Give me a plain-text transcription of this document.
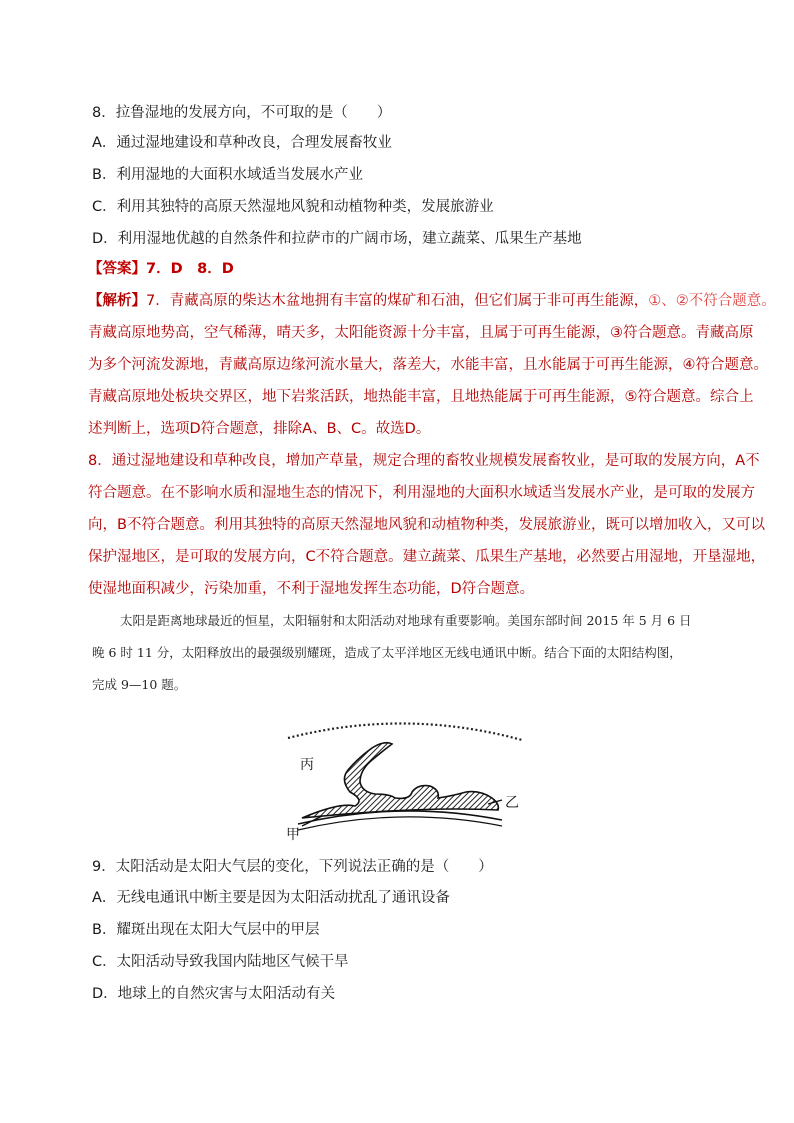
8．拉鲁湿地的发展方向，不可取的是（　　）
A．通过湿地建设和草种改良，合理发展畜牧业
B．利用湿地的大面积水域适当发展水产业
C．利用其独特的高原天然湿地风貌和动植物种类，发展旅游业
D．利用湿地优越的自然条件和拉萨市的广阔市场，建立蔬菜、瓜果生产基地
【答案】7．D　8．D
【解析】7．青藏高原的柴达木盆地拥有丰富的煤矿和石油，但它们属于非可再生能源，①、②不符合题意。
青藏高原地势高，空气稀薄，晴天多，太阳能资源十分丰富，且属于可再生能源，③符合题意。青藏高原
为多个河流发源地，青藏高原边缘河流水量大，落差大，水能丰富，且水能属于可再生能源，④符合题意。
青藏高原地处板块交界区，地下岩浆活跃，地热能丰富，且地热能属于可再生能源，⑤符合题意。综合上
述判断上，选项D符合题意，排除A、B、C。故选D。
8．通过湿地建设和草种改良，增加产草量，规定合理的畜牧业规模发展畜牧业，是可取的发展方向，A不
符合题意。在不影响水质和湿地生态的情况下，利用湿地的大面积水域适当发展水产业，是可取的发展方
向，B不符合题意。利用其独特的高原天然湿地风貌和动植物种类，发展旅游业，既可以增加收入，又可以
保护湿地区，是可取的发展方向，C不符合题意。建立蔬菜、瓜果生产基地，必然要占用湿地，开垦湿地，
使湿地面积减少，污染加重，不利于湿地发挥生态功能，D符合题意。
太阳是距离地球最近的恒星，太阳辐射和太阳活动对地球有重要影响。美国东部时间 2015 年 5 月 6 日
晚 6 时 11 分，太阳释放出的最强级别耀斑，造成了太平洋地区无线电通讯中断。结合下面的太阳结构图，
完成 9—10 题。
丙
乙
甲
9．太阳活动是太阳大气层的变化，下列说法正确的是（　　）
A．无线电通讯中断主要是因为太阳活动扰乱了通讯设备
B．耀斑出现在太阳大气层中的甲层
C．太阳活动导致我国内陆地区气候干旱
D．地球上的自然灾害与太阳活动有关
